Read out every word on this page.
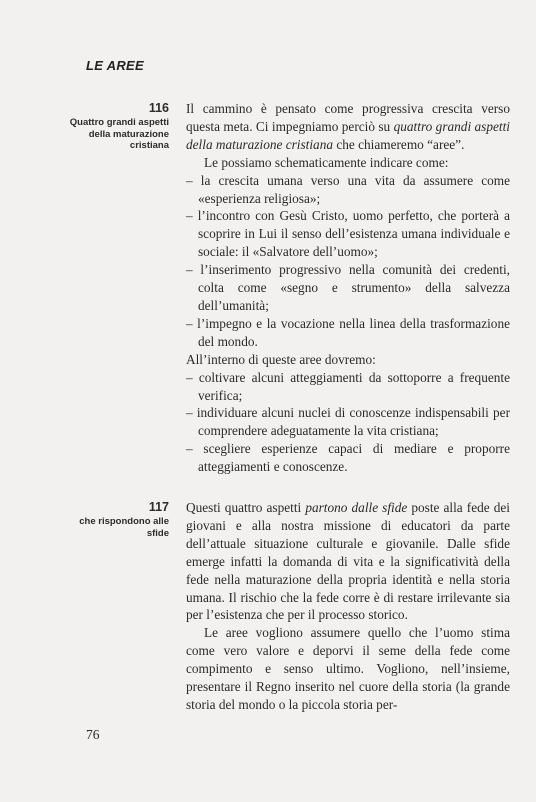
LE AREE
116
Quattro grandi aspetti della maturazione cristiana

Il cammino è pensato come progressiva crescita verso questa meta. Ci impegniamo perciò su quattro grandi aspetti della maturazione cristiana che chiameremo “aree”.

Le possiamo schematicamente indicare come:

– la crescita umana verso una vita da assumere come «esperienza religiosa»;

– l’incontro con Gesù Cristo, uomo perfetto, che porterà a scoprire in Lui il senso dell’esistenza umana individuale e sociale: il «Salvatore dell’uomo»;

– l’inserimento progressivo nella comunità dei credenti, colta come «segno e strumento» della salvezza dell’umanità;

– l’impegno e la vocazione nella linea della trasformazione del mondo.

All’interno di queste aree dovremo:

– coltivare alcuni atteggiamenti da sottoporre a frequente verifica;

– individuare alcuni nuclei di conoscenze indispensabili per comprendere adeguatamente la vita cristiana;

– scegliere esperienze capaci di mediare e proporre atteggiamenti e conoscenze.

117
che rispondono alle sfide

Questi quattro aspetti partono dalle sfide poste alla fede dei giovani e alla nostra missione di educatori da parte dell’attuale situazione culturale e giovanile. Dalle sfide emerge infatti la domanda di vita e la significatività della fede nella maturazione della propria identità e nella storia umana. Il rischio che la fede corre è di restare irrilevante sia per l’esistenza che per il processo storico.

Le aree vogliono assumere quello che l’uomo stima come vero valore e deporvi il seme della fede come compimento e senso ultimo. Vogliono, nell’insieme, presentare il Regno inserito nel cuore della storia (la grande storia del mondo o la piccola storia per-

76
